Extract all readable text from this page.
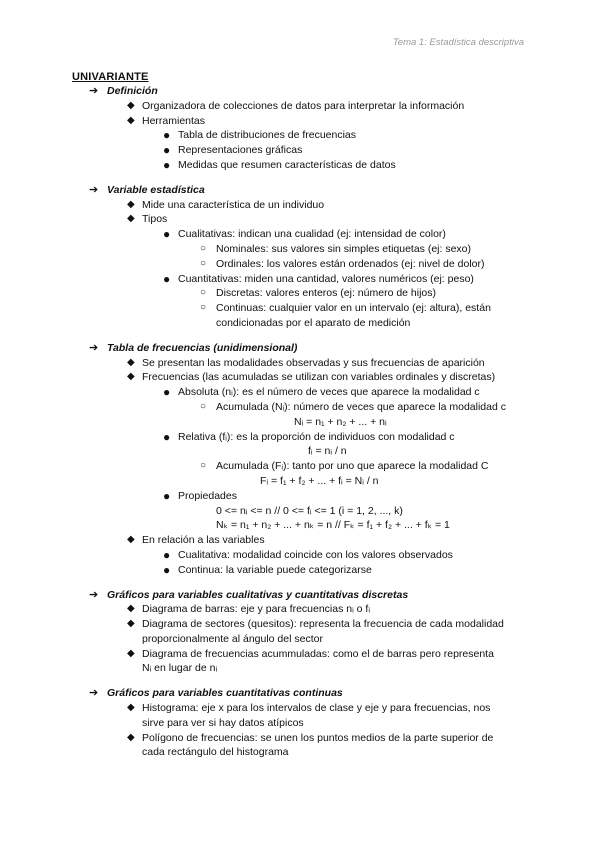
Tema 1: Estadística descriptiva
UNIVARIANTE
➔ Definición
◆ Organizadora de colecciones de datos para interpretar la información
◆ Herramientas
● Tabla de distribuciones de frecuencias
● Representaciones gráficas
● Medidas que resumen características de datos
➔ Variable estadística
◆ Mide una característica de un individuo
◆ Tipos
● Cualitativas: indican una cualidad (ej: intensidad de color)
○ Nominales: sus valores sin simples etiquetas (ej: sexo)
○ Ordinales: los valores están ordenados (ej: nivel de dolor)
● Cuantitativas: miden una cantidad, valores numéricos (ej: peso)
○ Discretas: valores enteros (ej: número de hijos)
○ Continuas: cualquier valor en un intervalo (ej: altura), están
condicionadas por el aparato de medición
➔ Tabla de frecuencias (unidimensional)
◆ Se presentan las modalidades observadas y sus frecuencias de aparición
◆ Frecuencias (las acumuladas se utilizan con variables ordinales y discretas)
● Absoluta (nᵢ): es el número de veces que aparece la modalidad c
○ Acumulada (Nᵢ): número de veces que aparece la modalidad c
Nᵢ = n₁ + n₂ + ... + nᵢ
● Relativa (fᵢ): es la proporción de individuos con modalidad c
fᵢ = nᵢ / n
○ Acumulada (Fᵢ): tanto por uno que aparece la modalidad C
Fᵢ = f₁ + f₂ + ... + fᵢ = Nᵢ / n
● Propiedades
0 <= nᵢ <= n // 0 <= fᵢ <= 1 (i = 1, 2, ..., k)
Nₖ = n₁ + n₂ + ... + nₖ = n // Fₖ = f₁ + f₂ + ... + fₖ = 1
◆ En relación a las variables
● Cualitativa: modalidad coincide con los valores observados
● Continua: la variable puede categorizarse
➔ Gráficos para variables cualitativas y cuantitativas discretas
◆ Diagrama de barras: eje y para frecuencias nᵢ o fᵢ
◆ Diagrama de sectores (quesitos): representa la frecuencia de cada modalidad
proporcionalmente al ángulo del sector
◆ Diagrama de frecuencias acummuladas: como el de barras pero representa
Nᵢ en lugar de nᵢ
➔ Gráficos para variables cuantitativas continuas
◆ Histograma: eje x para los intervalos de clase y eje y para frecuencias, nos
sirve para ver si hay datos atípicos
◆ Polígono de frecuencias: se unen los puntos medios de la parte superior de
cada rectángulo del histograma
